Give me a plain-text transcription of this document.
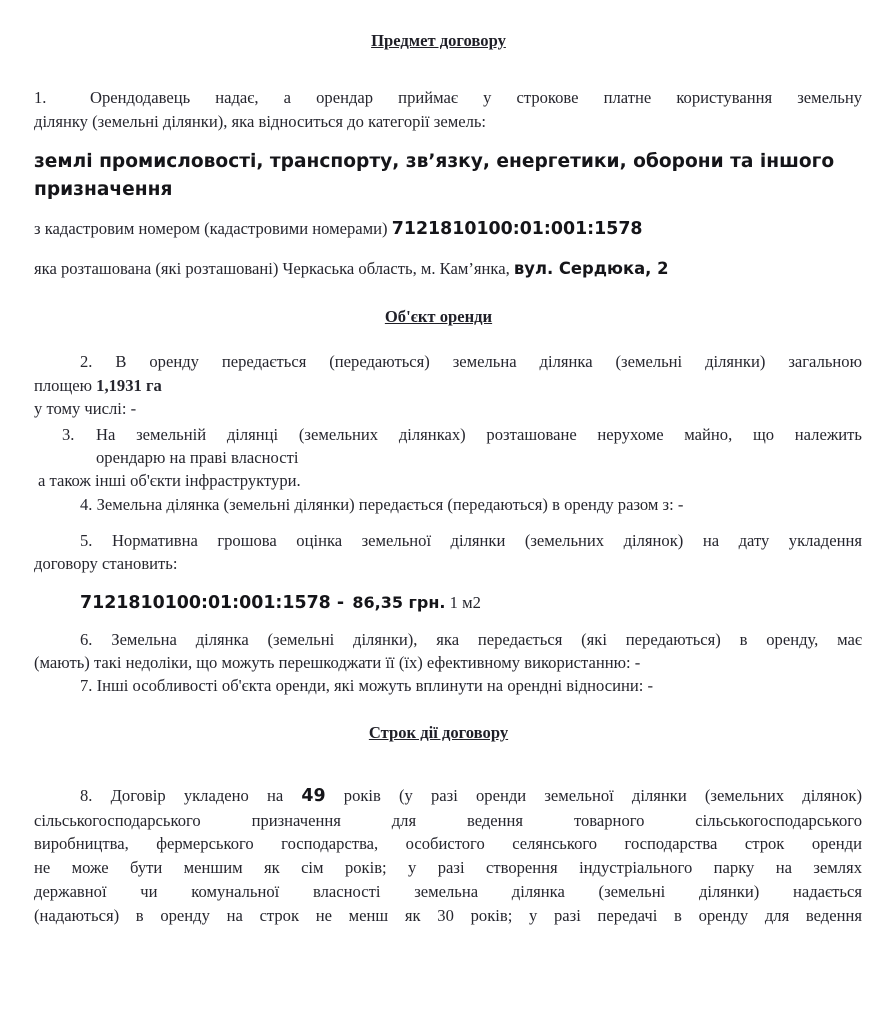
Предмет договору
1.	Орендодавець надає, а орендар приймає у строкове платне користування земельну
ділянку (земельні ділянки), яка відноситься до категорії земель:
землі промисловості, транспорту, зв’язку, енергетики, оборони та іншого призначення
з кадастровим номером (кадастровими номерами) 7121810100:01:001:1578
яка розташована (які розташовані) Черкаська область, м. Кам’янка, вул. Сердюка, 2
Об'єкт оренди
2. В оренду передається (передаються) земельна ділянка (земельні ділянки) загальною
площею 1,1931 га
у тому числі: -
3. На земельній ділянці (земельних ділянках) розташоване нерухоме майно, що належить
орендарю на праві власності
а також інші об'єкти інфраструктури.
4. Земельна ділянка (земельні ділянки) передається (передаються) в оренду разом з: -
5. Нормативна грошова оцінка земельної ділянки (земельних ділянок) на дату укладення
договору становить:
7121810100:01:001:1578 - 86,35 грн. 1 м2
6. Земельна ділянка (земельні ділянки), яка передається (які передаються) в оренду, має
(мають) такі недоліки, що можуть перешкоджати її (їх) ефективному використанню: -
7. Інші особливості об'єкта оренди, які можуть вплинути на орендні відносини: -
Строк дії договору
8. Договір укладено на 49 років (у разі оренди земельної ділянки (земельних ділянок)
сільськогосподарського призначення для ведення товарного сільськогосподарського
виробництва, фермерського господарства, особистого селянського господарства строк оренди
не може бути меншим як сім років; у разі створення індустріального парку на землях
державної чи комунальної власності земельна ділянка (земельні ділянки) надається
(надаються) в оренду на строк не менш як 30 років; у разі передачі в оренду для ведення
